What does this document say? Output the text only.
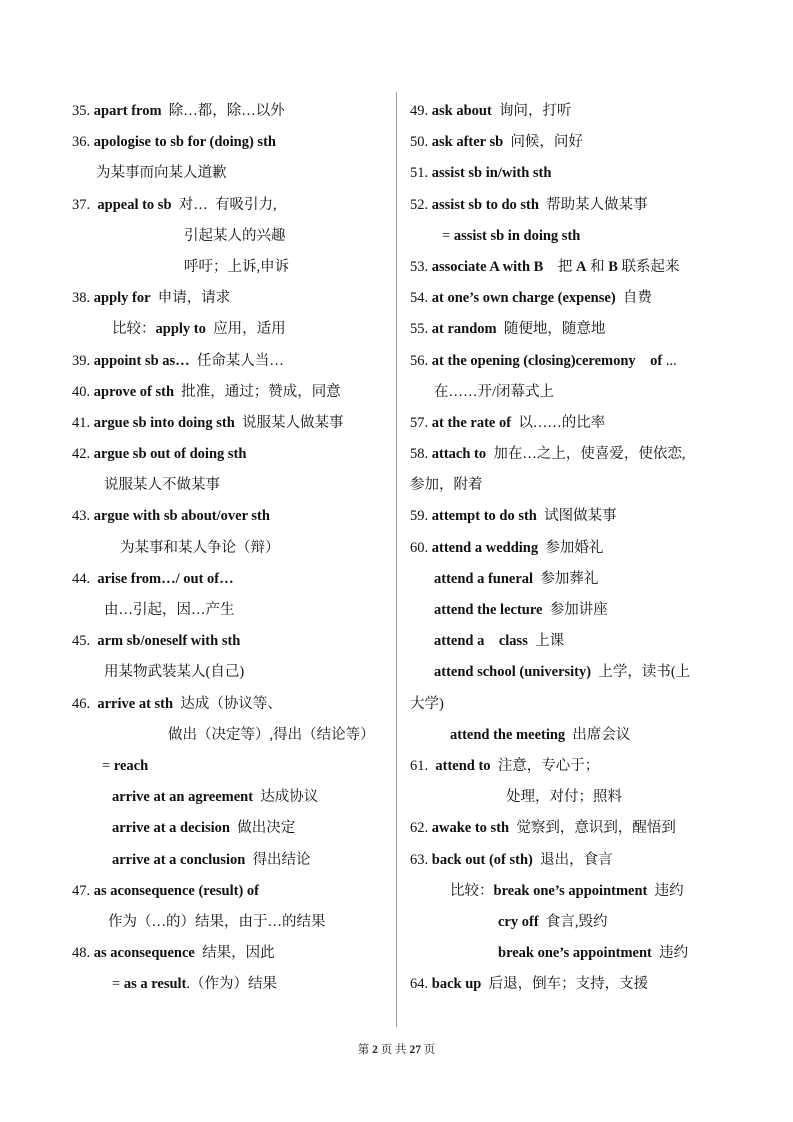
35. apart from  除…都，除…以外
36. apologise to sb for (doing) sth
为某事而向某人道歉
37.  appeal to sb  对…  有吸引力,
引起某人的兴趣
呼吁；上诉,申诉
38. apply for  申请，请求
比较：apply to  应用，适用
39. appoint sb as…  任命某人当…
40. aprove of sth  批准，通过；赞成，同意
41. argue sb into doing sth  说服某人做某事
42. argue sb out of doing sth
说服某人不做某事
43. argue with sb about/over sth
为某事和某人争论（辩）
44.  arise from…/ out of…
由…引起，因…产生
45.  arm sb/oneself with sth
用某物武装某人(自己)
46.  arrive at sth  达成（协议等、
做出（决定等）,得出（结论等）
= reach
arrive at an agreement  达成协议
arrive at a decision  做出决定
arrive at a conclusion  得出结论
47. as aconsequence (result) of
作为（…的）结果，由于…的结果
48. as aconsequence  结果，因此
= as a result.（作为）结果
49. ask about  询问，打听
50. ask after sb  问候，问好
51. assist sb in/with sth
52. assist sb to do sth  帮助某人做某事
= assist sb in doing sth
53. associate A with B    把 A 和 B 联系起来
54. at one’s own charge (expense)  自费
55. at random  随便地，随意地
56. at the opening (closing)ceremony    of ...
在……开/闭幕式上
57. at the rate of  以……的比率
58. attach to  加在…之上，使喜爱，使依恋,
参加，附着
59. attempt to do sth  试图做某事
60. attend a wedding  参加婚礼
attend a funeral  参加葬礼
attend the lecture  参加讲座
attend a    class  上课
attend school (university)  上学，读书(上
大学)
attend the meeting  出席会议
61.  attend to  注意，专心于；
处理，对付；照料
62. awake to sth  觉察到，意识到，醒悟到
63. back out (of sth)  退出，食言
比较：break one’s appointment  违约
cry off  食言,毁约
break one’s appointment  违约
64. back up  后退，倒车；支持，支援
第 2 页 共 27 页
